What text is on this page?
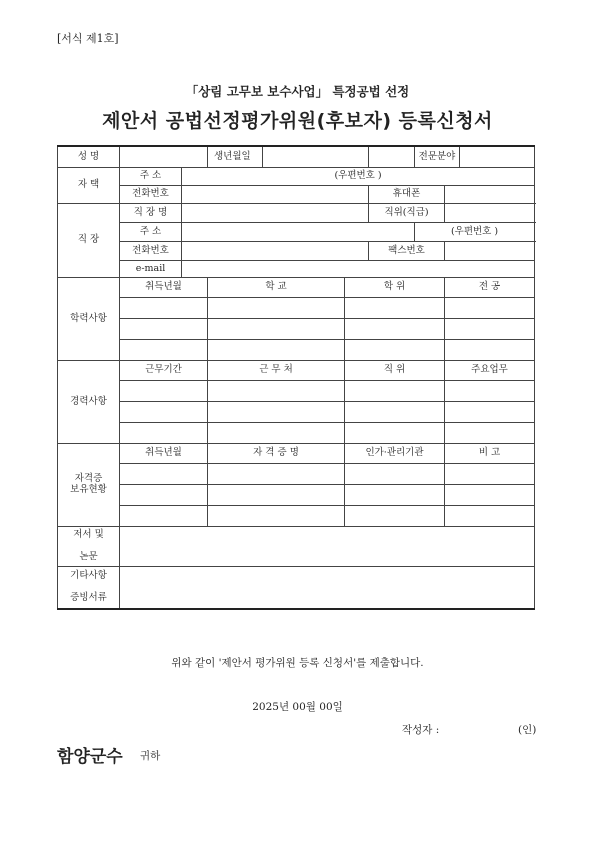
[서식 제1호]
「상림 고무보 보수사업」 특정공법 선정
제안서 공법선정평가위원(후보자) 등록신청서
성 명			생년월일				전문분야		
자 택	주 소	(우편번호 )							
	전화번호					휴대폰			
직 장	직 장 명					직위(직급)			
	주 소						(우편번호 )		
	전화번호					팩스번호			
	e-mail								
학력사항	취득년월		학 교		학 위			전 공	

경력사항	근무기간		근 무 처		직 위			주요업무	

자격증
보유현황	취득년월		자 격 증 명		인가·관리기관			비 고	

저서 및

논문									
기타사항

증빙서류									
위와 같이 '제안서 평가위원 등록 신청서'를 제출합니다.
2025년 00월 00일
작성자 :	(인)
함양군수 귀하
